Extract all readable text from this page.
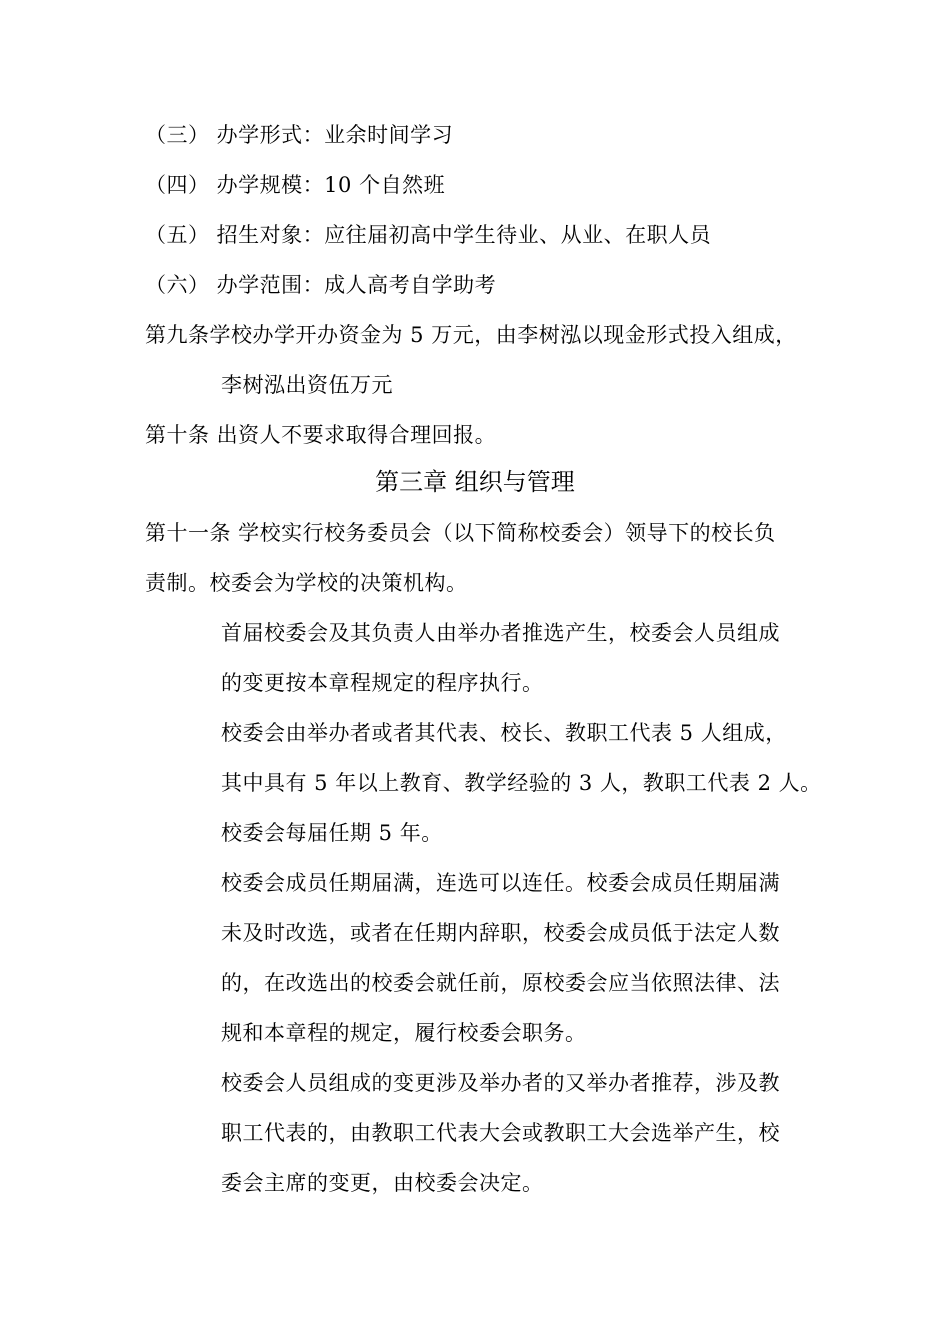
（三） 办学形式：业余时间学习
（四） 办学规模：10 个自然班
（五） 招生对象：应往届初高中学生待业、从业、在职人员
（六） 办学范围：成人高考自学助考
第九条学校办学开办资金为 5 万元，由李树泓以现金形式投入组成，
李树泓出资伍万元
第十条 出资人不要求取得合理回报。
第三章 组织与管理
第十一条 学校实行校务委员会（以下简称校委会）领导下的校长负
责制。校委会为学校的决策机构。
首届校委会及其负责人由举办者推选产生，校委会人员组成
的变更按本章程规定的程序执行。
校委会由举办者或者其代表、校长、教职工代表 5 人组成，
其中具有 5 年以上教育、教学经验的 3 人，教职工代表 2 人。
校委会每届任期 5 年。
校委会成员任期届满，连选可以连任。校委会成员任期届满
未及时改选，或者在任期内辞职，校委会成员低于法定人数
的，在改选出的校委会就任前，原校委会应当依照法律、法
规和本章程的规定，履行校委会职务。
校委会人员组成的变更涉及举办者的又举办者推荐，涉及教
职工代表的，由教职工代表大会或教职工大会选举产生，校
委会主席的变更，由校委会决定。
